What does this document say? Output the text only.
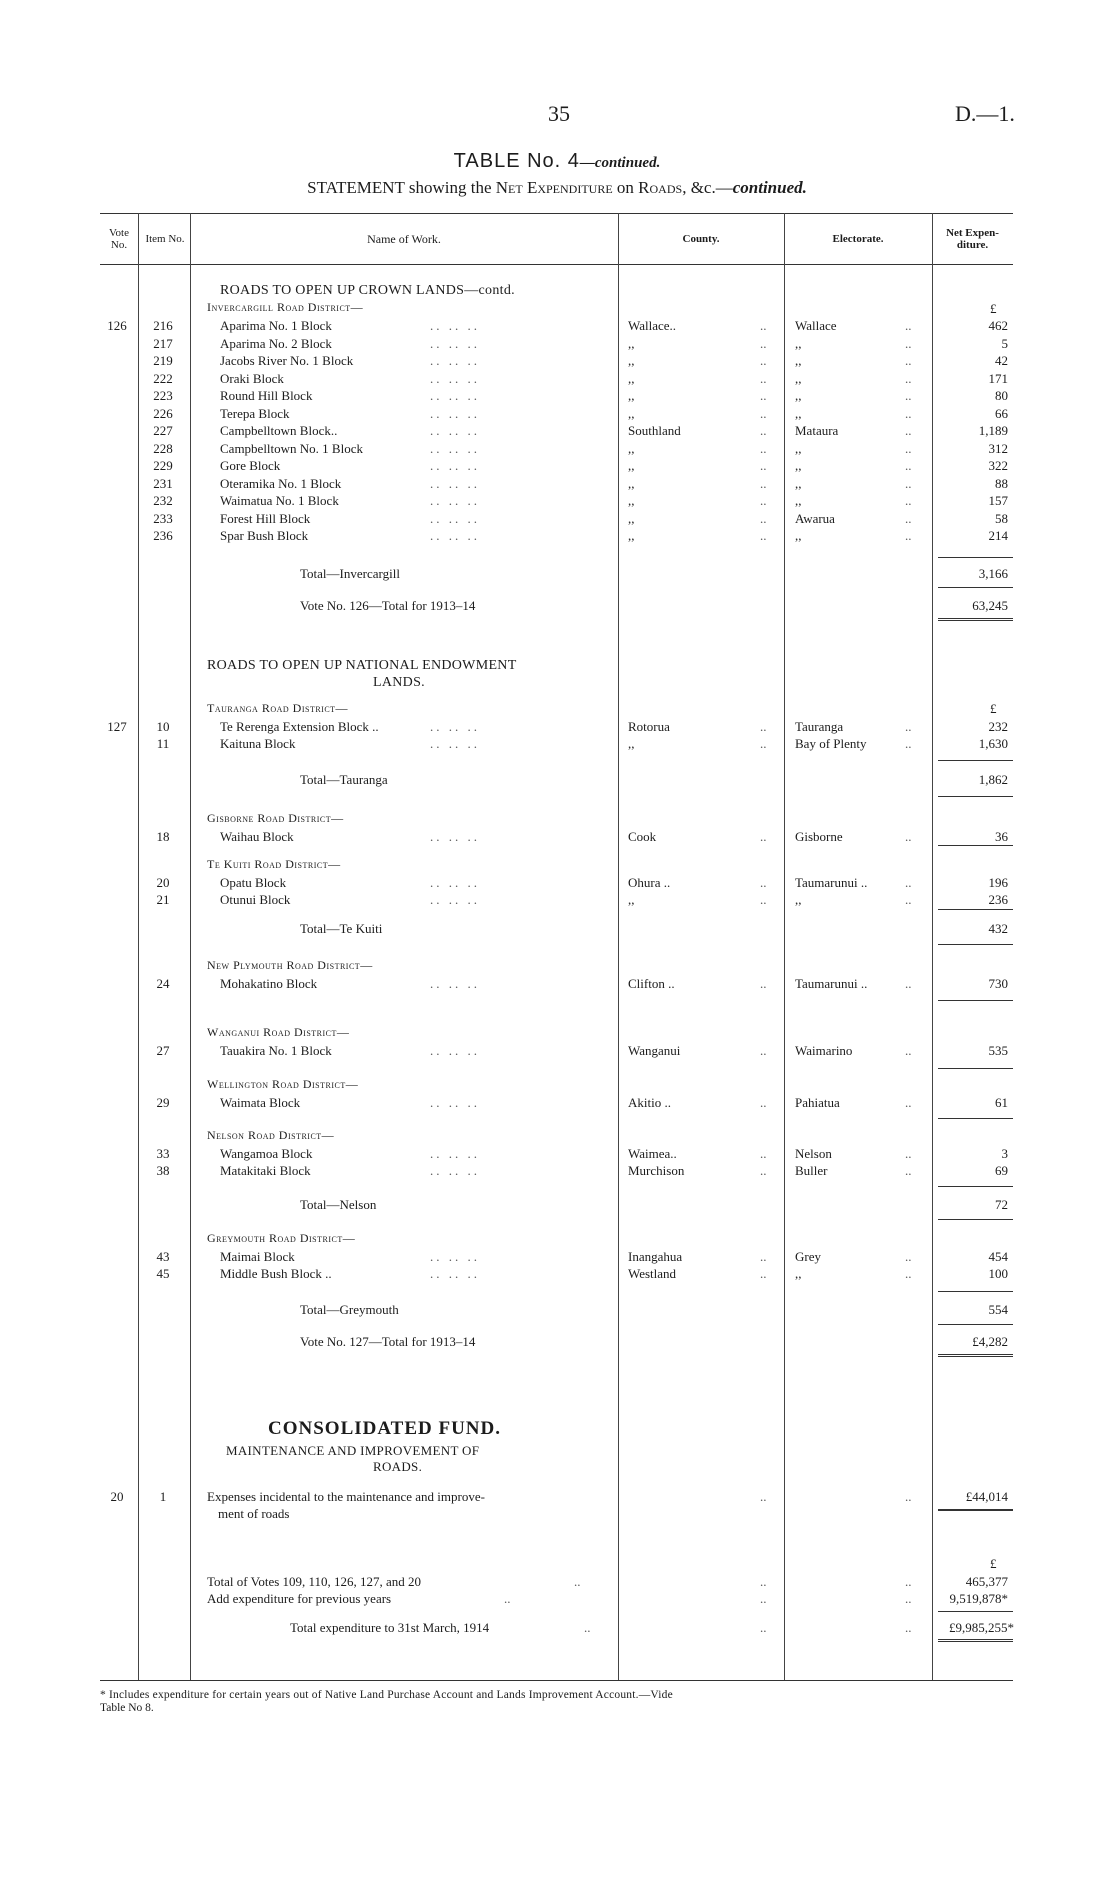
35	D.—1.
TABLE No. 4—continued.
STATEMENT showing the Net Expenditure on Roads, &c.—continued.
Vote No.	Item No.	Name of Work.	County.	Electorate.	Net Expen-diture.
ROADS TO OPEN UP CROWN LANDS—contd.
Invercargill Road District—	£
126	216	Aparima No. 1 Block	.. .. ..	Wallace..	.. Wallace	..	462
217	Aparima No. 2 Block	.. .. ..	,,	.. ,,	..	5
219	Jacobs River No. 1 Block	.. .. ..	,,	.. ,,	..	42
222	Oraki Block	.. .. ..	,,	.. ,,	..	171
223	Round Hill Block	.. .. ..	,,	.. ,,	..	80
226	Terepa Block	.. .. ..	,,	.. ,,	..	66
227	Campbelltown Block..	.. .. ..	Southland	.. Mataura	..	1,189
228	Campbelltown No. 1 Block	.. .. ..	,,	.. ,,	..	312
229	Gore Block	.. .. ..	,,	.. ,,	..	322
231	Oteramika No. 1 Block	.. .. ..	,,	.. ,,	..	88
232	Waimatua No. 1 Block	.. .. ..	,,	.. ,,	..	157
233	Forest Hill Block	.. .. ..	,,	.. Awarua	..	58
236	Spar Bush Block	.. .. ..	,,	.. ,,	..	214
Total—Invercargill	3,166
Vote No. 126—Total for 1913–14	63,245
ROADS TO OPEN UP NATIONAL ENDOWMENT
LANDS.
Tauranga Road District—	£
127	10	Te Rerenga Extension Block ..	.. .. ..	Rotorua	.. Tauranga	..	232
11	Kaituna Block	.. .. ..	,,	.. Bay of Plenty	..	1,630
Total—Tauranga	1,862
Gisborne Road District—
18	Waihau Block	.. .. ..	Cook	.. Gisborne	..	36
Te Kuiti Road District—
20	Opatu Block	.. .. ..	Ohura ..	.. Taumarunui ..	..	196
21	Otunui Block	.. .. ..	,,	.. ,,	..	236
Total—Te Kuiti	432
New Plymouth Road District—
24	Mohakatino Block	.. .. ..	Clifton ..	.. Taumarunui ..	..	730
Wanganui Road District—
27	Tauakira No. 1 Block	.. .. ..	Wanganui	.. Waimarino	..	535
Wellington Road District—
29	Waimata Block	.. .. ..	Akitio ..	.. Pahiatua	..	61
Nelson Road District—
33	Wangamoa Block	.. .. ..	Waimea..	.. Nelson	..	3
38	Matakitaki Block	.. .. ..	Murchison	.. Buller	..	69
Total—Nelson	72
Greymouth Road District—
43	Maimai Block	.. .. ..	Inangahua	.. Grey	..	454
45	Middle Bush Block ..	.. .. ..	Westland	.. ,,	..	100
Total—Greymouth	554
Vote No. 127—Total for 1913–14	£4,282
CONSOLIDATED FUND.
MAINTENANCE AND IMPROVEMENT OF
ROADS.
20	1	Expenses incidental to the maintenance and improve-	..	..	£44,014
ment of roads
£
Total of Votes 109, 110, 126, 127, and 20	..	..	..	465,377
Add expenditure for previous years	..	..	..	9,519,878*
Total expenditure to 31st March, 1914	..	..	..	£9,985,255*
* Includes expenditure for certain years out of Native Land Purchase Account and Lands Improvement Account.—Vide
Table No 8.
